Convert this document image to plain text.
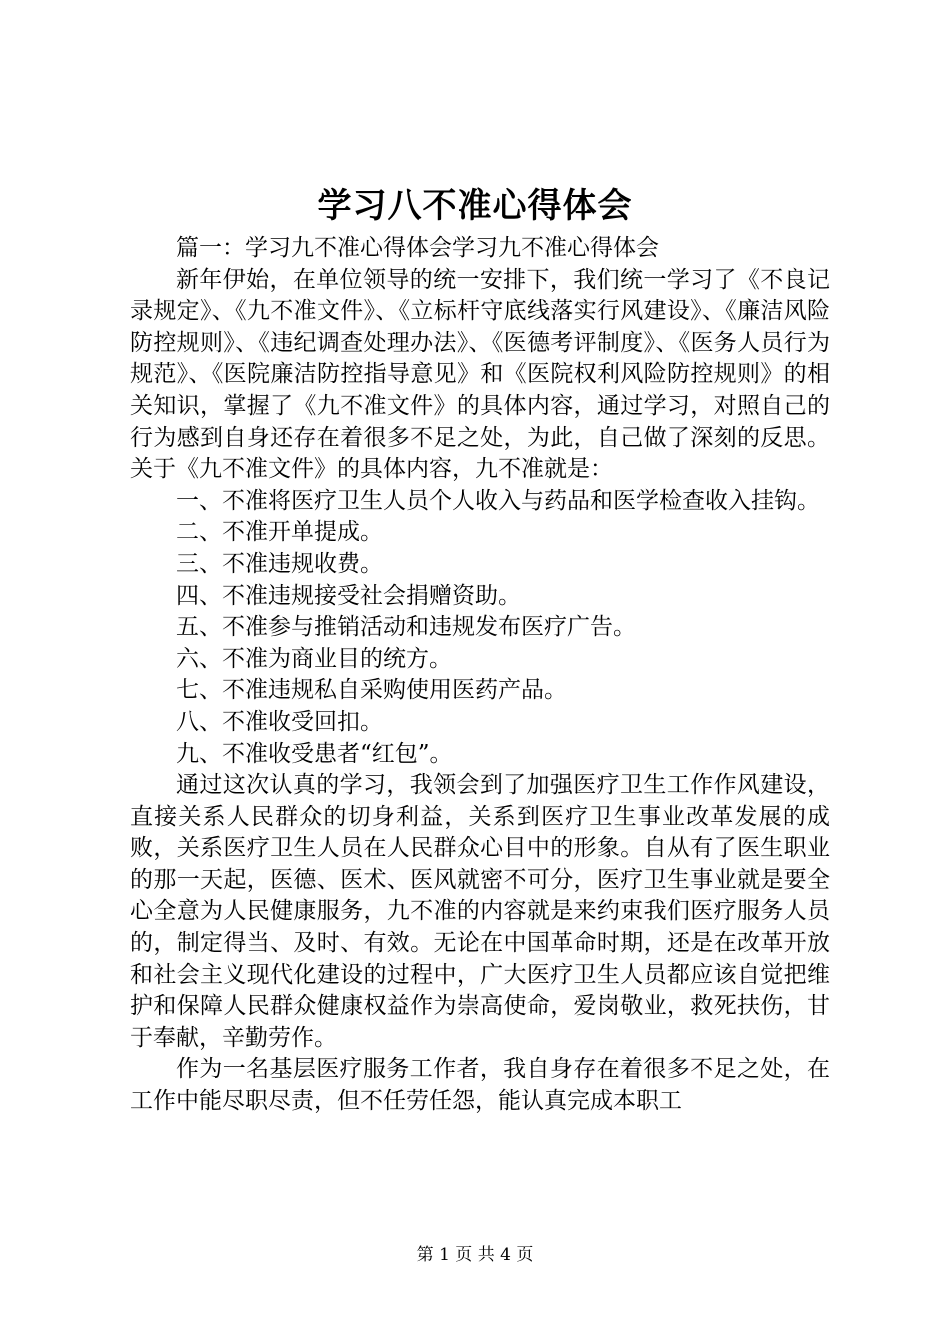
学习八不准心得体会

篇一：学习九不准心得体会学习九不准心得体会

新年伊始，在单位领导的统一安排下，我们统一学习了《不良记录规定》、《九不准文件》、《立标杆守底线落实行风建设》、《廉洁风险防控规则》、《违纪调查处理办法》、《医德考评制度》、《医务人员行为规范》、《医院廉洁防控指导意见》和《医院权利风险防控规则》的相关知识，掌握了《九不准文件》的具体内容，通过学习，对照自己的行为感到自身还存在着很多不足之处，为此，自己做了深刻的反思。关于《九不准文件》的具体内容，九不准就是：

一、不准将医疗卫生人员个人收入与药品和医学检查收入挂钩。

二、不准开单提成。

三、不准违规收费。

四、不准违规接受社会捐赠资助。

五、不准参与推销活动和违规发布医疗广告。

六、不准为商业目的统方。

七、不准违规私自采购使用医药产品。

八、不准收受回扣。

九、不准收受患者“红包”。

通过这次认真的学习，我领会到了加强医疗卫生工作作风建设，直接关系人民群众的切身利益，关系到医疗卫生事业改革发展的成败，关系医疗卫生人员在人民群众心目中的形象。自从有了医生职业的那一天起，医德、医术、医风就密不可分，医疗卫生事业就是要全心全意为人民健康服务，九不准的内容就是来约束我们医疗服务人员的，制定得当、及时、有效。无论在中国革命时期，还是在改革开放和社会主义现代化建设的过程中，广大医疗卫生人员都应该自觉把维护和保障人民群众健康权益作为崇高使命，爱岗敬业，救死扶伤，甘于奉献，辛勤劳作。

作为一名基层医疗服务工作者，我自身存在着很多不足之处，在工作中能尽职尽责，但不任劳任怨，能认真完成本职工

第 1 页 共 4 页
